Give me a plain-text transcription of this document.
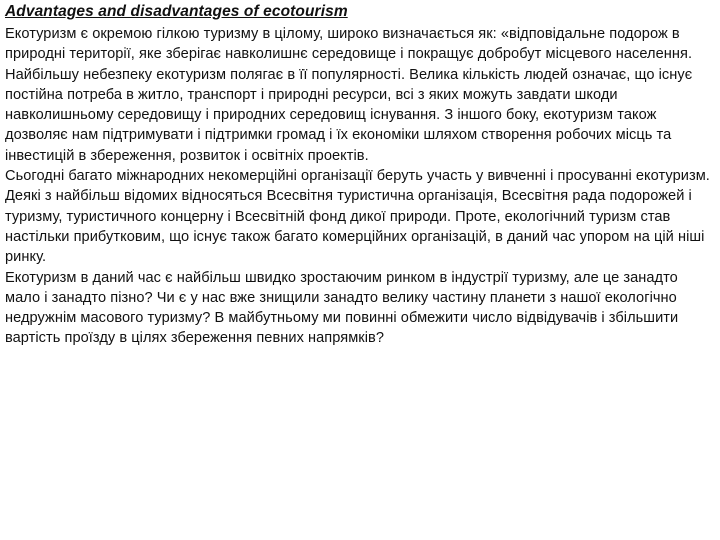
Advantages and disadvantages of ecotourism

Екотуризм є окремою гілкою туризму в цілому, широко визначається як: «відповідальне подорож в природні території, яке зберігає навколишнє середовище і покращує добробут місцевого населення.

Найбільшу небезпеку екотуризм полягає в її популярності. Велика кількість людей означає, що існує постійна потреба в житло, транспорт і природні ресурси, всі з яких можуть завдати шкоди навколишньому середовищу і природних середовищ існування. З іншого боку, екотуризм також дозволяє нам підтримувати і підтримки громад і їх економіки шляхом створення робочих місць та інвестицій в збереження, розвиток і освітніх проектів.

Сьогодні багато міжнародних некомерційні організації беруть участь у вивченні і просуванні екотуризм. Деякі з найбільш відомих відносяться Всесвітня туристична організація, Всесвітня рада подорожей і туризму, туристичного концерну і Всесвітній фонд дикої природи. Проте, екологічний туризм став настільки прибутковим, що існує також багато комерційних організацій, в даний час упором на цій ніші ринку.

Екотуризм в даний час є найбільш швидко зростаючим ринком в індустрії туризму, але це занадто мало і занадто пізно? Чи є у нас вже знищили занадто велику частину планети з нашої екологічно недружнім масового туризму? В майбутньому ми повинні обмежити число відвідувачів і збільшити вартість проїзду в цілях збереження певних напрямків?
